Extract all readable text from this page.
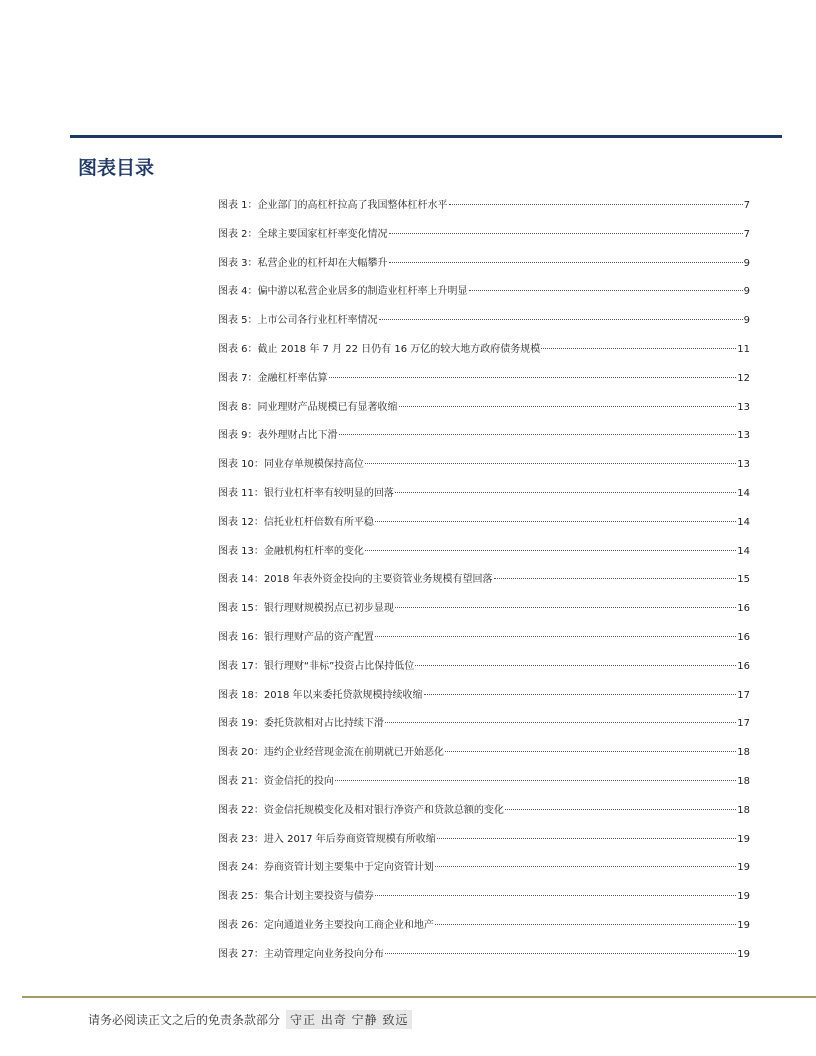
图表目录
图表 1：企业部门的高杠杆拉高了我国整体杠杆水平	7
图表 2：全球主要国家杠杆率变化情况	7
图表 3：私营企业的杠杆却在大幅攀升	9
图表 4：偏中游以私营企业居多的制造业杠杆率上升明显	9
图表 5：上市公司各行业杠杆率情况	9
图表 6：截止 2018 年 7 月 22 日仍有 16 万亿的较大地方政府债务规模	11
图表 7：金融杠杆率估算	12
图表 8：同业理财产品规模已有显著收缩	13
图表 9：表外理财占比下滑	13
图表 10：同业存单规模保持高位	13
图表 11：银行业杠杆率有较明显的回落	14
图表 12：信托业杠杆倍数有所平稳	14
图表 13：金融机构杠杆率的变化	14
图表 14：2018 年表外资金投向的主要资管业务规模有望回落	15
图表 15：银行理财规模拐点已初步显现	16
图表 16：银行理财产品的资产配置	16
图表 17：银行理财“非标”投资占比保持低位	16
图表 18：2018 年以来委托贷款规模持续收缩	17
图表 19：委托贷款相对占比持续下滑	17
图表 20：违约企业经营现金流在前期就已开始恶化	18
图表 21：资金信托的投向	18
图表 22：资金信托规模变化及相对银行净资产和贷款总额的变化	18
图表 23：进入 2017 年后券商资管规模有所收缩	19
图表 24：券商资管计划主要集中于定向资管计划	19
图表 25：集合计划主要投资与债券	19
图表 26：定向通道业务主要投向工商企业和地产	19
图表 27：主动管理定向业务投向分布	19
请务必阅读正文之后的免责条款部分 守正 出奇 宁静 致远
